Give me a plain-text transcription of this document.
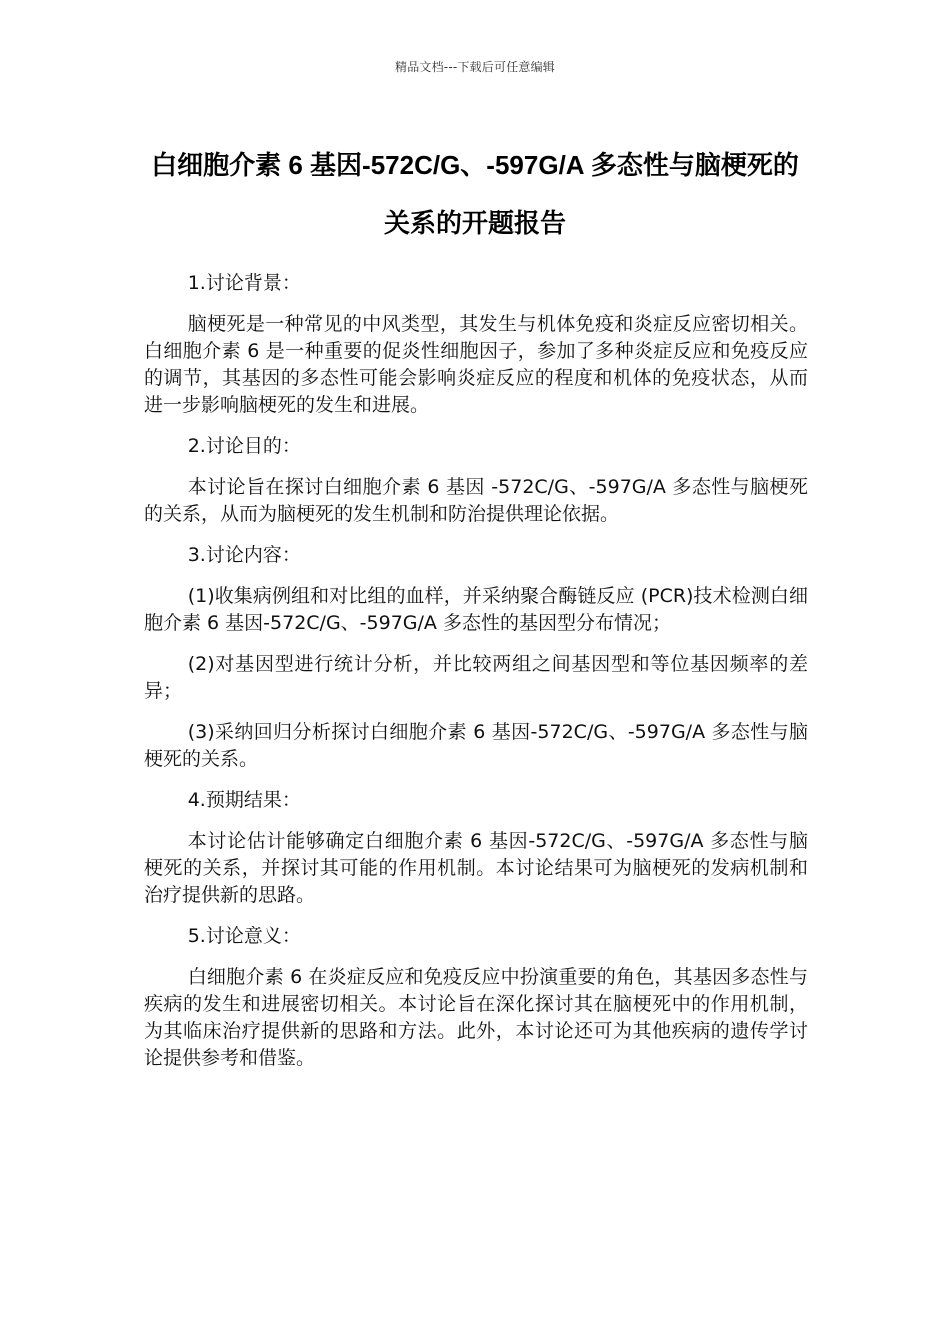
精品文档---下载后可任意编辑
白细胞介素 6 基因-572C/G、-597G/A 多态性与脑梗死的关系的开题报告

1.讨论背景：

脑梗死是一种常见的中风类型，其发生与机体免疫和炎症反应密切相关。白细胞介素 6 是一种重要的促炎性细胞因子，参加了多种炎症反应和免疫反应的调节，其基因的多态性可能会影响炎症反应的程度和机体的免疫状态，从而进一步影响脑梗死的发生和进展。

2.讨论目的：

本讨论旨在探讨白细胞介素 6 基因 -572C/G、-597G/A 多态性与脑梗死的关系，从而为脑梗死的发生机制和防治提供理论依据。

3.讨论内容：

(1)收集病例组和对比组的血样，并采纳聚合酶链反应 (PCR)技术检测白细胞介素 6 基因-572C/G、-597G/A 多态性的基因型分布情况；

(2)对基因型进行统计分析，并比较两组之间基因型和等位基因频率的差异；

(3)采纳回归分析探讨白细胞介素 6 基因-572C/G、-597G/A 多态性与脑梗死的关系。

4.预期结果：

本讨论估计能够确定白细胞介素 6 基因-572C/G、-597G/A 多态性与脑梗死的关系，并探讨其可能的作用机制。本讨论结果可为脑梗死的发病机制和治疗提供新的思路。

5.讨论意义：

白细胞介素 6 在炎症反应和免疫反应中扮演重要的角色，其基因多态性与疾病的发生和进展密切相关。本讨论旨在深化探讨其在脑梗死中的作用机制，为其临床治疗提供新的思路和方法。此外，本讨论还可为其他疾病的遗传学讨论提供参考和借鉴。
